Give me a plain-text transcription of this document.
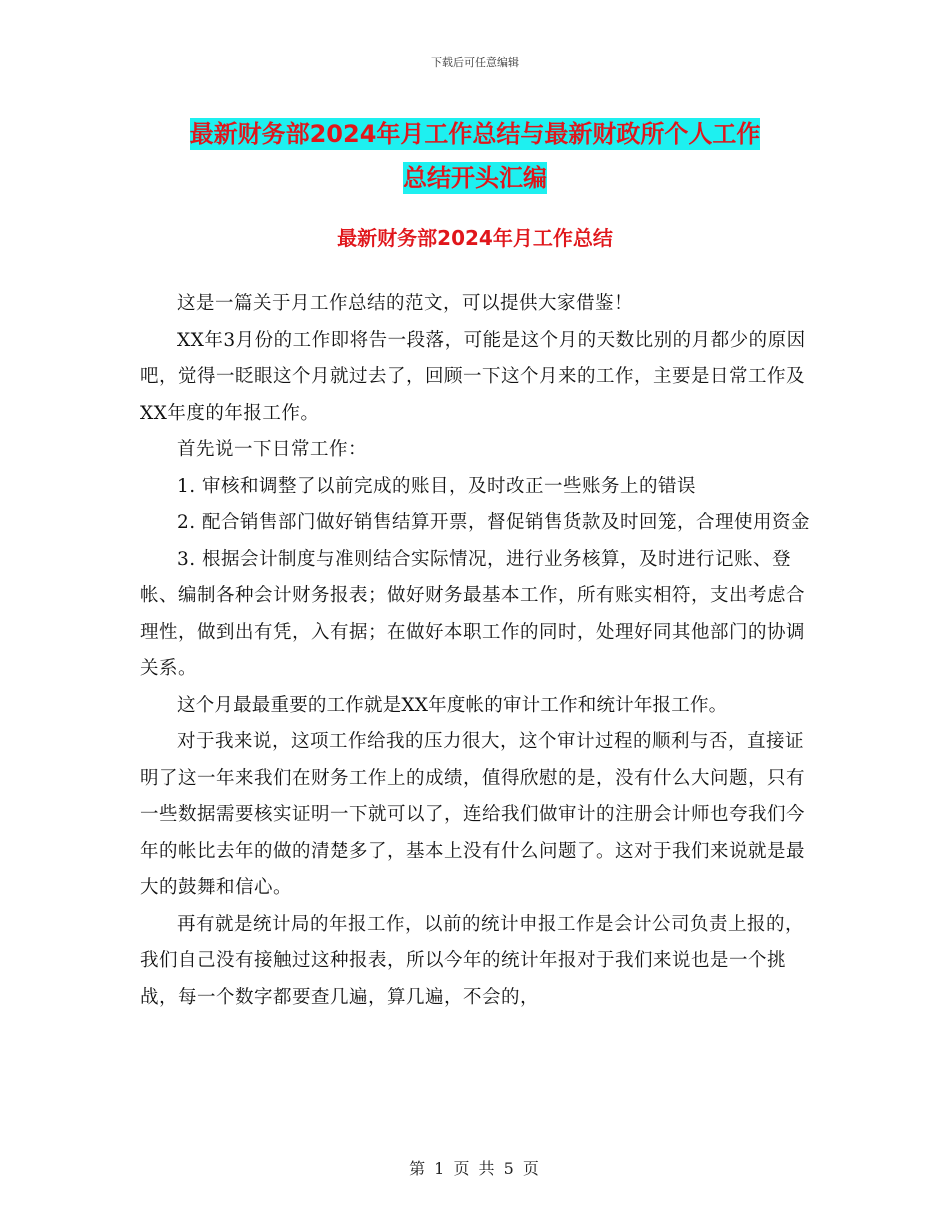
下载后可任意编辑
最新财务部2024年月工作总结与最新财政所个人工作
总结开头汇编
最新财务部2024年月工作总结

这是一篇关于月工作总结的范文，可以提供大家借鉴！

XX年3月份的工作即将告一段落，可能是这个月的天数比别的月都少的原因吧，觉得一眨眼这个月就过去了，回顾一下这个月来的工作，主要是日常工作及XX年度的年报工作。

首先说一下日常工作：

1. 审核和调整了以前完成的账目，及时改正一些账务上的错误

2. 配合销售部门做好销售结算开票，督促销售货款及时回笼，合理使用资金

3. 根据会计制度与准则结合实际情况，进行业务核算，及时进行记账、登帐、编制各种会计财务报表；做好财务最基本工作，所有账实相符，支出考虑合理性，做到出有凭，入有据；在做好本职工作的同时，处理好同其他部门的协调关系。

这个月最最重要的工作就是XX年度帐的审计工作和统计年报工作。

对于我来说，这项工作给我的压力很大，这个审计过程的顺利与否，直接证明了这一年来我们在财务工作上的成绩，值得欣慰的是，没有什么大问题，只有一些数据需要核实证明一下就可以了，连给我们做审计的注册会计师也夸我们今年的帐比去年的做的清楚多了，基本上没有什么问题了。这对于我们来说就是最大的鼓舞和信心。

再有就是统计局的年报工作，以前的统计申报工作是会计公司负责上报的，我们自己没有接触过这种报表，所以今年的统计年报对于我们来说也是一个挑战，每一个数字都要查几遍，算几遍，不会的，

第 1 页 共 5 页
